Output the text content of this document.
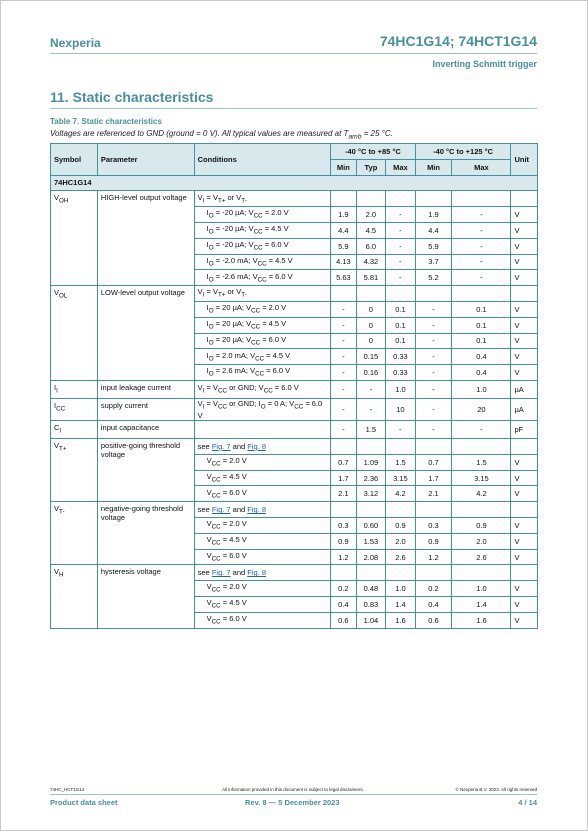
Nexperia	74HC1G14; 74HCT1G14
Inverting Schmitt trigger
11. Static characteristics
Table 7. Static characteristics
Voltages are referenced to GND (ground = 0 V). All typical values are measured at $T_{amb} = 25$ °C.
Symbol	Parameter	Conditions	-40 °C to +85 °C			-40 °C to +125 °C		Unit
			Min	Typ	Max	Min	Max	
74HC1G14								
$V_{OH}$	HIGH-level output voltage	$V_I = V_{T+}$ or $V_{T-}$						
		$I_O = -20$ µA; $V_{CC} = 2.0$ V	1.9	2.0	-	1.9	-	V
		$I_O = -20$ µA; $V_{CC} = 4.5$ V	4.4	4.5	-	4.4	-	V
		$I_O = -20$ µA; $V_{CC} = 6.0$ V	5.9	6.0	-	5.9	-	V
		$I_O = -2.0$ mA; $V_{CC} = 4.5$ V	4.13	4.32	-	3.7	-	V
		$I_O = -2.6$ mA; $V_{CC} = 6.0$ V	5.63	5.81	-	5.2	-	V
$V_{OL}$	LOW-level output voltage	$V_I = V_{T+}$ or $V_{T-}$						
		$I_O = 20$ µA; $V_{CC} = 2.0$ V	-	0	0.1	-	0.1	V
		$I_O = 20$ µA; $V_{CC} = 4.5$ V	-	0	0.1	-	0.1	V
		$I_O = 20$ µA; $V_{CC} = 6.0$ V	-	0	0.1	-	0.1	V
		$I_O = 2.0$ mA; $V_{CC} = 4.5$ V	-	0.15	0.33	-	0.4	V
		$I_O = 2.6$ mA; $V_{CC} = 6.0$ V	-	0.16	0.33	-	0.4	V
$I_I$	input leakage current	$V_I = V_{CC}$ or GND; $V_{CC} = 6.0$ V	-	-	1.0	-	1.0	µA
$I_{CC}$	supply current	$V_I = V_{CC}$ or GND; $I_O = 0$ A; $V_{CC} = 6.0$ V	-	-	10	-	20	µA
$C_I$	input capacitance		-	1.5	-	-	-	pF
$V_{T+}$	positive-going threshold voltage	see Fig. 7 and Fig. 8						
		$V_{CC} = 2.0$ V	0.7	1.09	1.5	0.7	1.5	V
		$V_{CC} = 4.5$ V	1.7	2.36	3.15	1.7	3.15	V
		$V_{CC} = 6.0$ V	2.1	3.12	4.2	2.1	4.2	V
$V_{T-}$	negative-going threshold voltage	see Fig. 7 and Fig. 8						
		$V_{CC} = 2.0$ V	0.3	0.60	0.9	0.3	0.9	V
		$V_{CC} = 4.5$ V	0.9	1.53	2.0	0.9	2.0	V
		$V_{CC} = 6.0$ V	1.2	2.08	2.6	1.2	2.6	V
$V_H$	hysteresis voltage	see Fig. 7 and Fig. 8						
		$V_{CC} = 2.0$ V	0.2	0.48	1.0	0.2	1.0	V
		$V_{CC} = 4.5$ V	0.4	0.83	1.4	0.4	1.4	V
		$V_{CC} = 6.0$ V	0.6	1.04	1.6	0.6	1.6	V
74HC_HCT1G14	All information provided in this document is subject to legal disclaimers.	© Nexperia B.V. 2023. All rights reserved
Product data sheet	Rev. 8 — 5 December 2023	4 / 14
